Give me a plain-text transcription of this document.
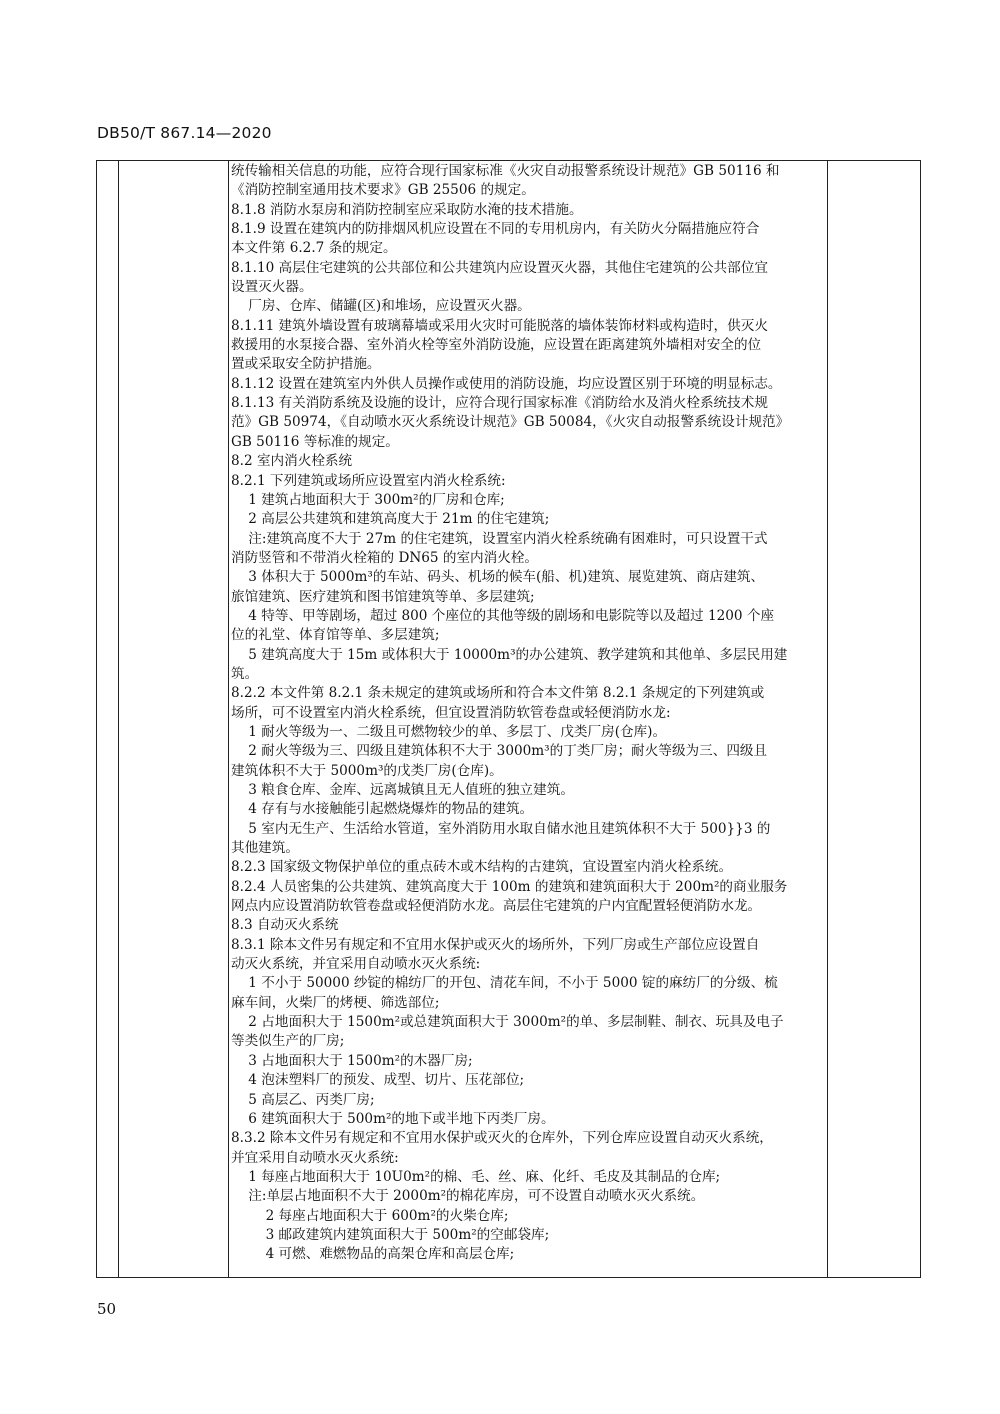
DB50/T 867.14—2020
统传输相关信息的功能，应符合现行国家标准《火灾自动报警系统设计规范》GB 50116 和
《消防控制室通用技术要求》GB 25506 的规定。
8.1.8 消防水泵房和消防控制室应采取防水淹的技术措施。
8.1.9 设置在建筑内的防排烟风机应设置在不同的专用机房内，有关防火分隔措施应符合
本文件第 6.2.7 条的规定。
8.1.10 高层住宅建筑的公共部位和公共建筑内应设置灭火器，其他住宅建筑的公共部位宜
设置灭火器。
厂房、仓库、储罐(区)和堆场，应设置灭火器。
8.1.11 建筑外墙设置有玻璃幕墙或采用火灾时可能脱落的墙体装饰材料或构造时，供灭火
救援用的水泵接合器、室外消火栓等室外消防设施，应设置在距离建筑外墙相对安全的位
置或采取安全防护措施。
8.1.12 设置在建筑室内外供人员操作或使用的消防设施，均应设置区别于环境的明显标志。
8.1.13 有关消防系统及设施的设计，应符合现行国家标准《消防给水及消火栓系统技术规
范》GB 50974，《自动喷水灭火系统设计规范》GB 50084，《火灾自动报警系统设计规范》
GB 50116 等标准的规定。
8.2 室内消火栓系统
8.2.1 下列建筑或场所应设置室内消火栓系统:
1 建筑占地面积大于 300m²的厂房和仓库;
2 高层公共建筑和建筑高度大于 21m 的住宅建筑;
注:建筑高度不大于 27m 的住宅建筑，设置室内消火栓系统确有困难时，可只设置干式
消防竖管和不带消火栓箱的 DN65 的室内消火栓。
3 体积大于 5000m³的车站、码头、机场的候车(船、机)建筑、展览建筑、商店建筑、
旅馆建筑、医疗建筑和图书馆建筑等单、多层建筑;
4 特等、甲等剧场，超过 800 个座位的其他等级的剧场和电影院等以及超过 1200 个座
位的礼堂、体育馆等单、多层建筑;
5 建筑高度大于 15m 或体积大于 10000m³的办公建筑、教学建筑和其他单、多层民用建
筑。
8.2.2 本文件第 8.2.1 条未规定的建筑或场所和符合本文件第 8.2.1 条规定的下列建筑或
场所，可不设置室内消火栓系统，但宜设置消防软管卷盘或轻便消防水龙:
1 耐火等级为一、二级且可燃物较少的单、多层丁、戊类厂房(仓库)。
2 耐火等级为三、四级且建筑体积不大于 3000m³的丁类厂房；耐火等级为三、四级且
建筑体积不大于 5000m³的戊类厂房(仓库)。
3 粮食仓库、金库、远离城镇且无人值班的独立建筑。
4 存有与水接触能引起燃烧爆炸的物品的建筑。
5 室内无生产、生活给水管道，室外消防用水取自储水池且建筑体积不大于 500}}3 的
其他建筑。
8.2.3 国家级文物保护单位的重点砖木或木结构的古建筑，宜设置室内消火栓系统。
8.2.4 人员密集的公共建筑、建筑高度大于 100m 的建筑和建筑面积大于 200m²的商业服务
网点内应设置消防软管卷盘或轻便消防水龙。高层住宅建筑的户内宜配置轻便消防水龙。
8.3 自动灭火系统
8.3.1 除本文件另有规定和不宜用水保护或灭火的场所外，下列厂房或生产部位应设置自
动灭火系统，并宜采用自动喷水灭火系统:
1 不小于 50000 纱锭的棉纺厂的开包、清花车间，不小于 5000 锭的麻纺厂的分级、梳
麻车间，火柴厂的烤梗、筛选部位;
2 占地面积大于 1500m²或总建筑面积大于 3000m²的单、多层制鞋、制衣、玩具及电子
等类似生产的厂房;
3 占地面积大于 1500m²的木器厂房;
4 泡沫塑料厂的预发、成型、切片、压花部位;
5 高层乙、丙类厂房;
6 建筑面积大于 500m²的地下或半地下丙类厂房。
8.3.2 除本文件另有规定和不宜用水保护或灭火的仓库外，下列仓库应设置自动灭火系统，
并宜采用自动喷水灭火系统:
1 每座占地面积大于 10U0m²的棉、毛、丝、麻、化纤、毛皮及其制品的仓库;
注:单层占地面积不大于 2000m²的棉花库房，可不设置自动喷水灭火系统。
2 每座占地面积大于 600m²的火柴仓库;
3 邮政建筑内建筑面积大于 500m²的空邮袋库;
4 可燃、难燃物品的高架仓库和高层仓库;
50
